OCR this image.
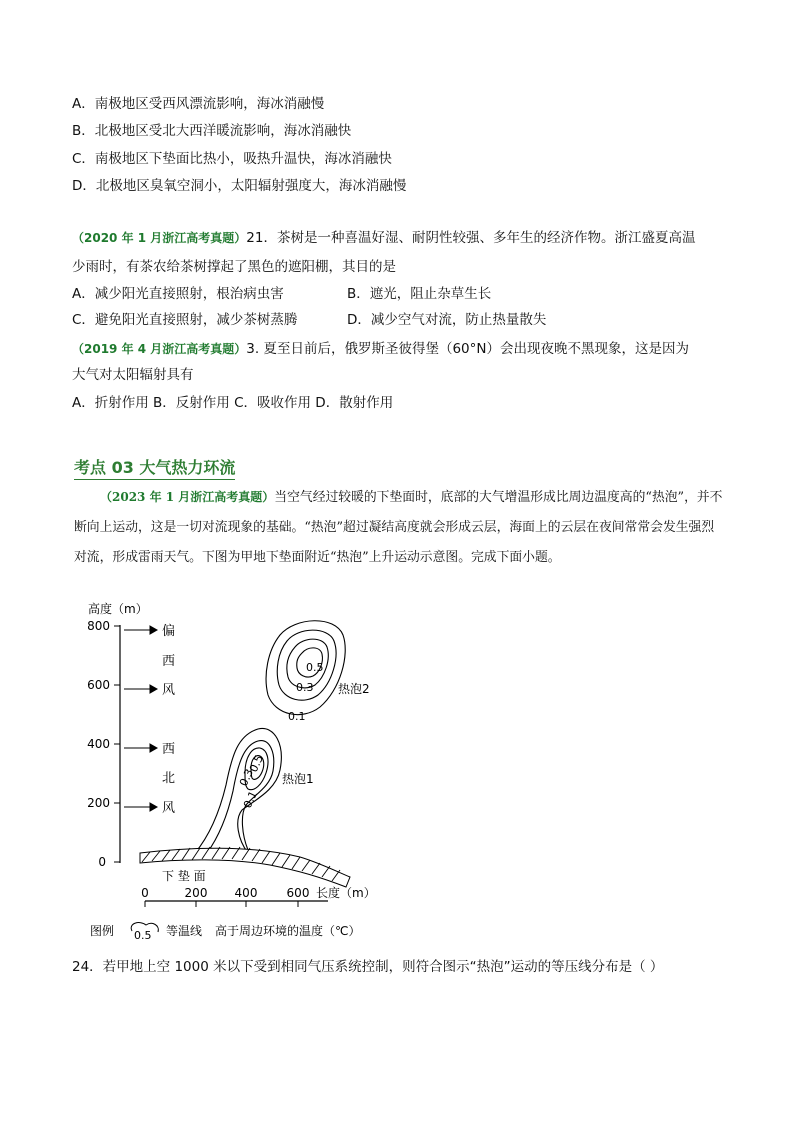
A．南极地区受西风漂流影响，海冰消融慢
B．北极地区受北大西洋暖流影响，海冰消融快
C．南极地区下垫面比热小，吸热升温快，海冰消融快
D．北极地区臭氧空洞小，太阳辐射强度大，海冰消融慢
（2020 年 1 月浙江高考真题）21．茶树是一种喜温好湿、耐阴性较强、多年生的经济作物。浙江盛夏高温
少雨时，有茶农给茶树撑起了黑色的遮阳棚，其目的是
A．减少阳光直接照射，根治病虫害	B．遮光，阻止杂草生长
C．避免阳光直接照射，减少茶树蒸腾	D．减少空气对流，防止热量散失
（2019 年 4 月浙江高考真题）3. 夏至日前后，俄罗斯圣彼得堡（60°N）会出现夜晚不黑现象，这是因为
大气对太阳辐射具有
A．折射作用 B．反射作用 C．吸收作用 D．散射作用
考点 03 大气热力环流
（2023 年 1 月浙江高考真题）当空气经过较暖的下垫面时，底部的大气增温形成比周边温度高的“热泡”，并不断向上运动，这是一切对流现象的基础。“热泡”超过凝结高度就会形成云层，海面上的云层在夜间常常会发生强烈对流，形成雷雨天气。下图为甲地下垫面附近“热泡”上升运动示意图。完成下面小题。
高度（m）
800
600
400
200
0
偏
西
风
西
北
风
0.5
0.3
0.1
热泡2
0.5
0.3
0.1
热泡1
下 垫 面
0	200 400 600 长度（m）
图例 0.5 等温线 高于周边环境的温度（℃）
24．若甲地上空 1000 米以下受到相同气压系统控制，则符合图示“热泡”运动的等压线分布是（ ）
